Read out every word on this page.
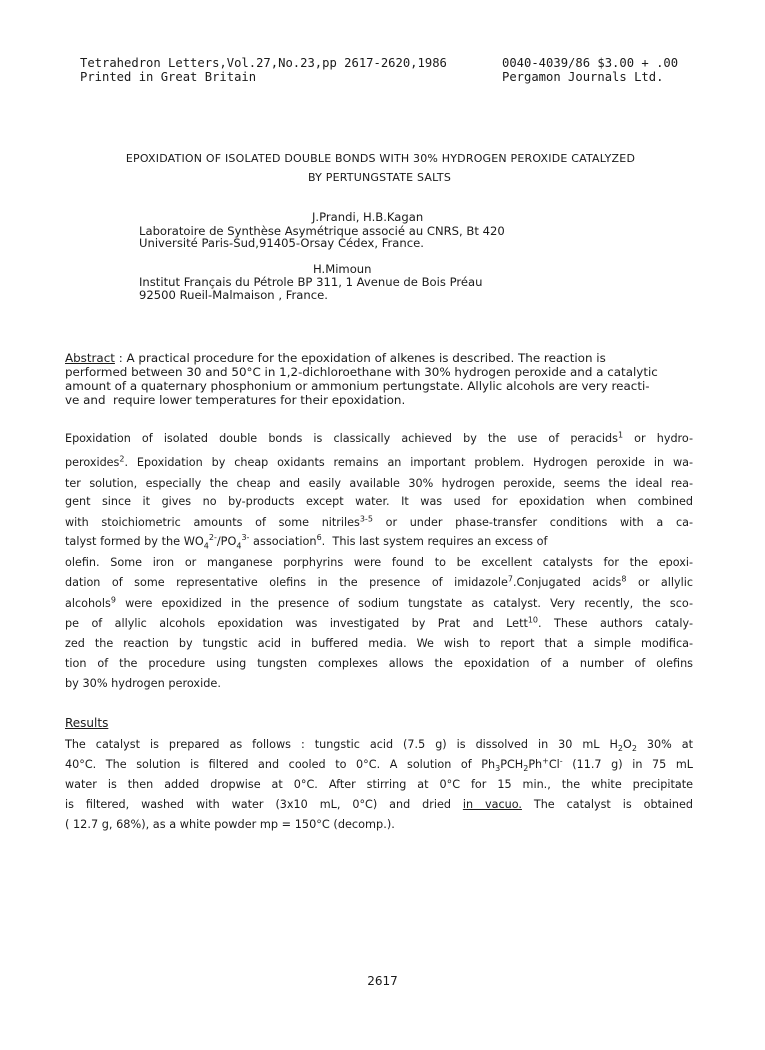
Tetrahedron Letters,Vol.27,No.23,pp 2617-2620,1986
Printed in Great Britain
0040-4039/86 $3.00 + .00
Pergamon Journals Ltd.
EPOXIDATION OF ISOLATED DOUBLE BONDS WITH 30% HYDROGEN PEROXIDE CATALYZED
BY PERTUNGSTATE SALTS
J.Prandi, H.B.Kagan
Laboratoire de Synthèse Asymétrique associé au CNRS, Bt 420
Université Paris-Sud,91405-Orsay Cédex, France.
H.Mimoun
Institut Français du Pétrole BP 311, 1 Avenue de Bois Préau
92500 Rueil-Malmaison , France.
Abstract : A practical procedure for the epoxidation of alkenes is described. The reaction is
performed between 30 and 50°C in 1,2-dichloroethane with 30% hydrogen peroxide and a catalytic
amount of a quaternary phosphonium or ammonium pertungstate. Allylic alcohols are very reacti-
ve and  require lower temperatures for their epoxidation.
Epoxidation of isolated double bonds is classically achieved by the use of peracids$^1$ or hydro-
peroxides$^2$. Epoxidation by cheap oxidants remains an important problem. Hydrogen peroxide in wa-
ter solution, especially the cheap and easily available 30% hydrogen peroxide, seems the ideal rea-
gent since it gives no by-products except water. It was used for epoxidation when combined
with stoichiometric amounts of some nitriles$^{3-5}$ or under phase-transfer conditions with a ca-
talyst formed by the $WO_4^{2-}/PO_4^{3-}$ association$^6$.  This last system requires an excess of
olefin. Some iron or manganese porphyrins were found to be excellent catalysts for the epoxi-
dation of some representative olefins in the presence of imidazole$^7$.Conjugated acids$^8$ or allylic
alcohols$^9$ were epoxidized in the presence of sodium tungstate as catalyst. Very recently, the sco-
pe of allylic alcohols epoxidation was investigated by Prat and Lett$^{10}$. These authors cataly-
zed the reaction by tungstic acid in buffered media. We wish to report that a simple modifica-
tion of the procedure using tungsten complexes allows the epoxidation of a number of olefins
by 30% hydrogen peroxide.
Results
The catalyst is prepared as follows : tungstic acid (7.5 g) is dissolved in 30 mL $H_2O_2$ 30% at
40°C. The solution is filtered and cooled to 0°C. A solution of $Ph_3PCH_2Ph^+Cl^-$ (11.7 g) in 75 mL
water is then added dropwise at 0°C. After stirring at 0°C for 15 min., the white precipitate
is filtered, washed with water (3x10 mL, 0°C) and dried in vacuo. The catalyst is obtained
( 12.7 g, 68%), as a white powder mp = 150°C (decomp.).
2617
